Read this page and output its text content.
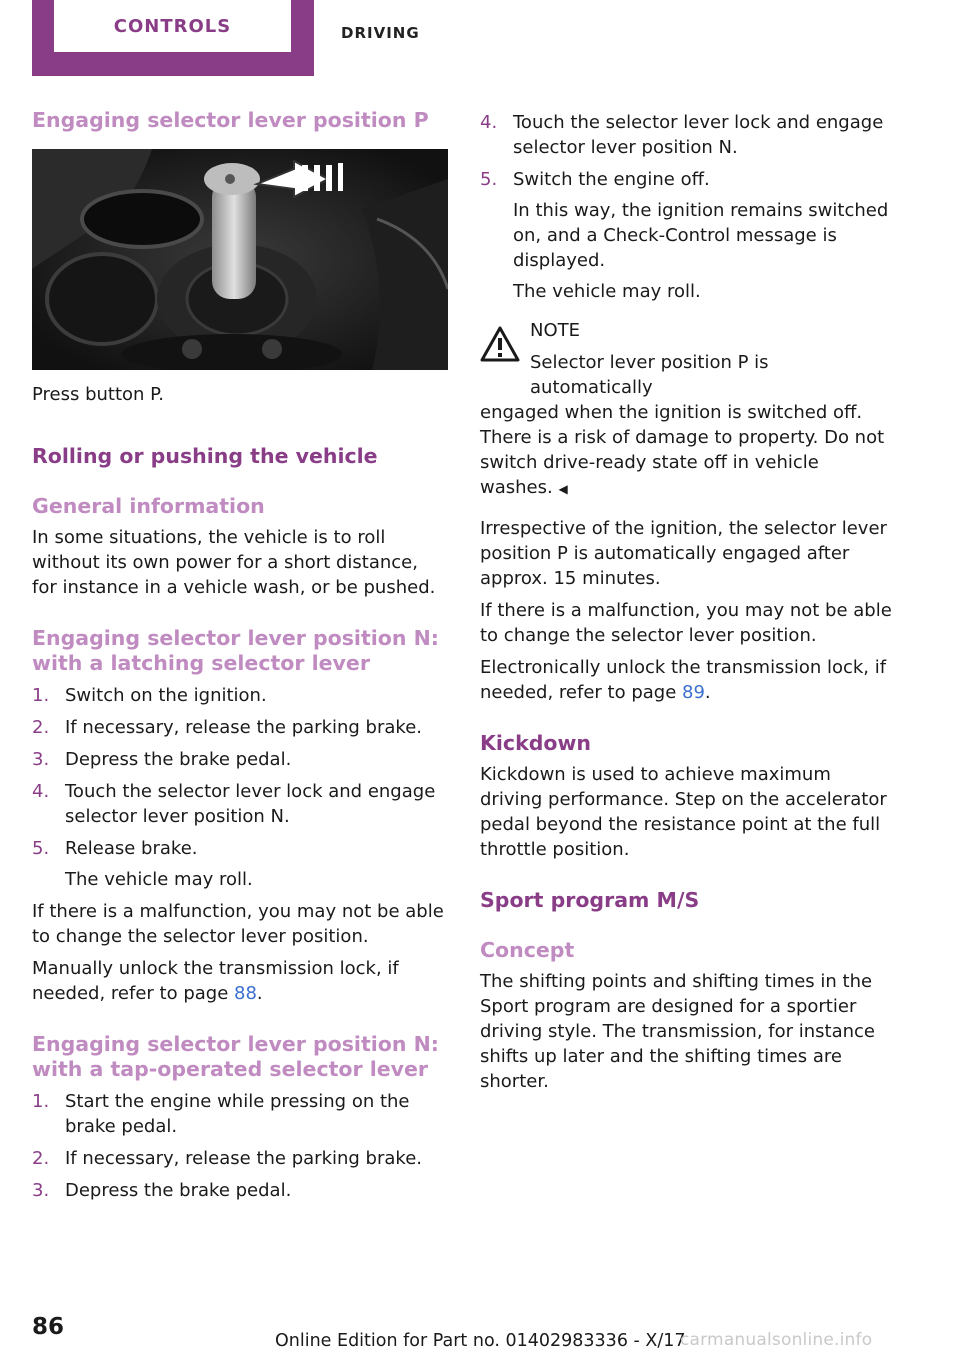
CONTROLS	DRIVING
Engaging selector lever position P

Press button P.

Rolling or pushing the vehicle
General information

In some situations, the vehicle is to roll without its own power for a short distance, for instance in a vehicle wash, or be pushed.

Engaging selector lever position N: with a latching selector lever
1. Switch on the ignition.
2. If necessary, release the parking brake.
3. Depress the brake pedal.
4. Touch the selector lever lock and engage selector lever position N.
5. Release brake.
The vehicle may roll.

If there is a malfunction, you may not be able to change the selector lever position.

Manually unlock the transmission lock, if needed, refer to page 88.

Engaging selector lever position N: with a tap-operated selector lever
1. Start the engine while pressing on the brake pedal.
2. If necessary, release the parking brake.
3. Depress the brake pedal.
4. Touch the selector lever lock and engage selector lever position N.
5. Switch the engine off.
In this way, the ignition remains switched on, and a Check-Control message is displayed.
The vehicle may roll.
NOTE
Selector lever position P is automatically

engaged when the ignition is switched off. There is a risk of damage to property. Do not switch drive-ready state off in vehicle washes. ◀

Irrespective of the ignition, the selector lever position P is automatically engaged after approx. 15 minutes.

If there is a malfunction, you may not be able to change the selector lever position.

Electronically unlock the transmission lock, if needed, refer to page 89.

Kickdown

Kickdown is used to achieve maximum driving performance. Step on the accelerator pedal beyond the resistance point at the full throttle position.

Sport program M/S
Concept

The shifting points and shifting times in the Sport program are designed for a sportier driving style. The transmission, for instance shifts up later and the shifting times are shorter.

86
Online Edition for Part no. 01402983336 - X/17
carmanualsonline.info
